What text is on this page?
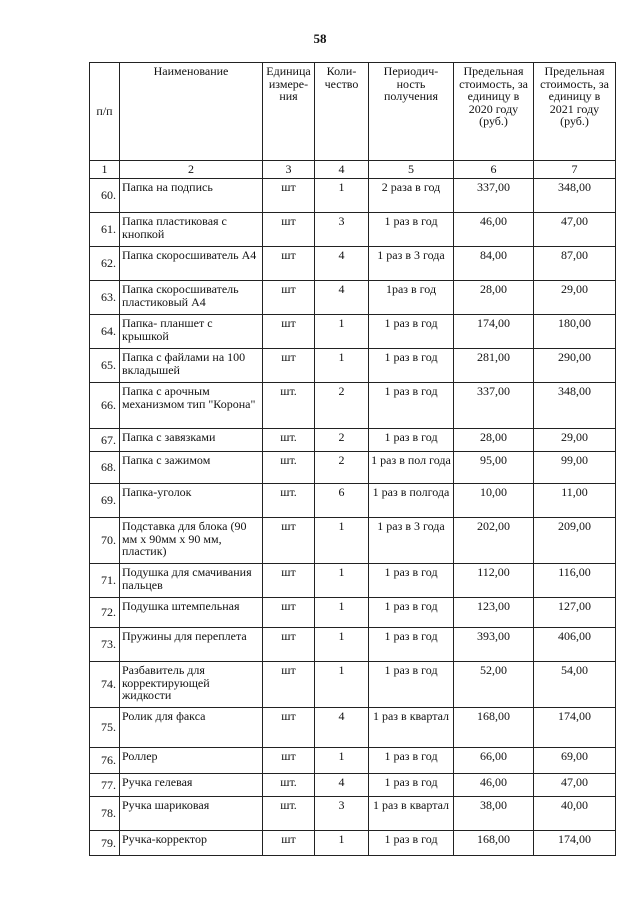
58
п/п	Наименование	Единица измере-ния	Коли-чество	Периодич-ность получения	Предельная стоимость, за единицу в 2020 году (руб.)	Предельная стоимость, за единицу в 2021 году (руб.)
1	2	3	4	5	6	7
60.	Папка на подпись	шт	1	2 раза в год	337,00	348,00
61.	Папка пластиковая с кнопкой	шт	3	1 раз в год	46,00	47,00
62.	Папка скоросшиватель А4	шт	4	1 раз в 3 года	84,00	87,00
63.	Папка скоросшиватель пластиковый А4	шт	4	1раз в год	28,00	29,00
64.	Папка- планшет с крышкой	шт	1	1 раз в год	174,00	180,00
65.	Папка с файлами на 100 вкладышей	шт	1	1 раз в год	281,00	290,00
66.	Папка с арочным механизмом тип "Корона"	шт.	2	1 раз в год	337,00	348,00
67.	Папка с завязками	шт.	2	1 раз в год	28,00	29,00
68.	Папка с зажимом	шт.	2	1 раз в пол года	95,00	99,00
69.	Папка-уголок	шт.	6	1 раз в полгода	10,00	11,00
70.	Подставка для блока (90 мм х 90мм х 90 мм, пластик)	шт	1	1 раз в 3 года	202,00	209,00
71.	Подушка для смачивания пальцев	шт	1	1 раз в год	112,00	116,00
72.	Подушка штемпельная	шт	1	1 раз в год	123,00	127,00
73.	Пружины для переплета	шт	1	1 раз в год	393,00	406,00
74.	Разбавитель для корректирующей жидкости	шт	1	1 раз в год	52,00	54,00
75.	Ролик для факса	шт	4	1 раз в квартал	168,00	174,00
76.	Роллер	шт	1	1 раз в год	66,00	69,00
77.	Ручка гелевая	шт.	4	1 раз в год	46,00	47,00
78.	Ручка шариковая	шт.	3	1 раз в квартал	38,00	40,00
79.	Ручка-корректор	шт	1	1 раз в год	168,00	174,00
